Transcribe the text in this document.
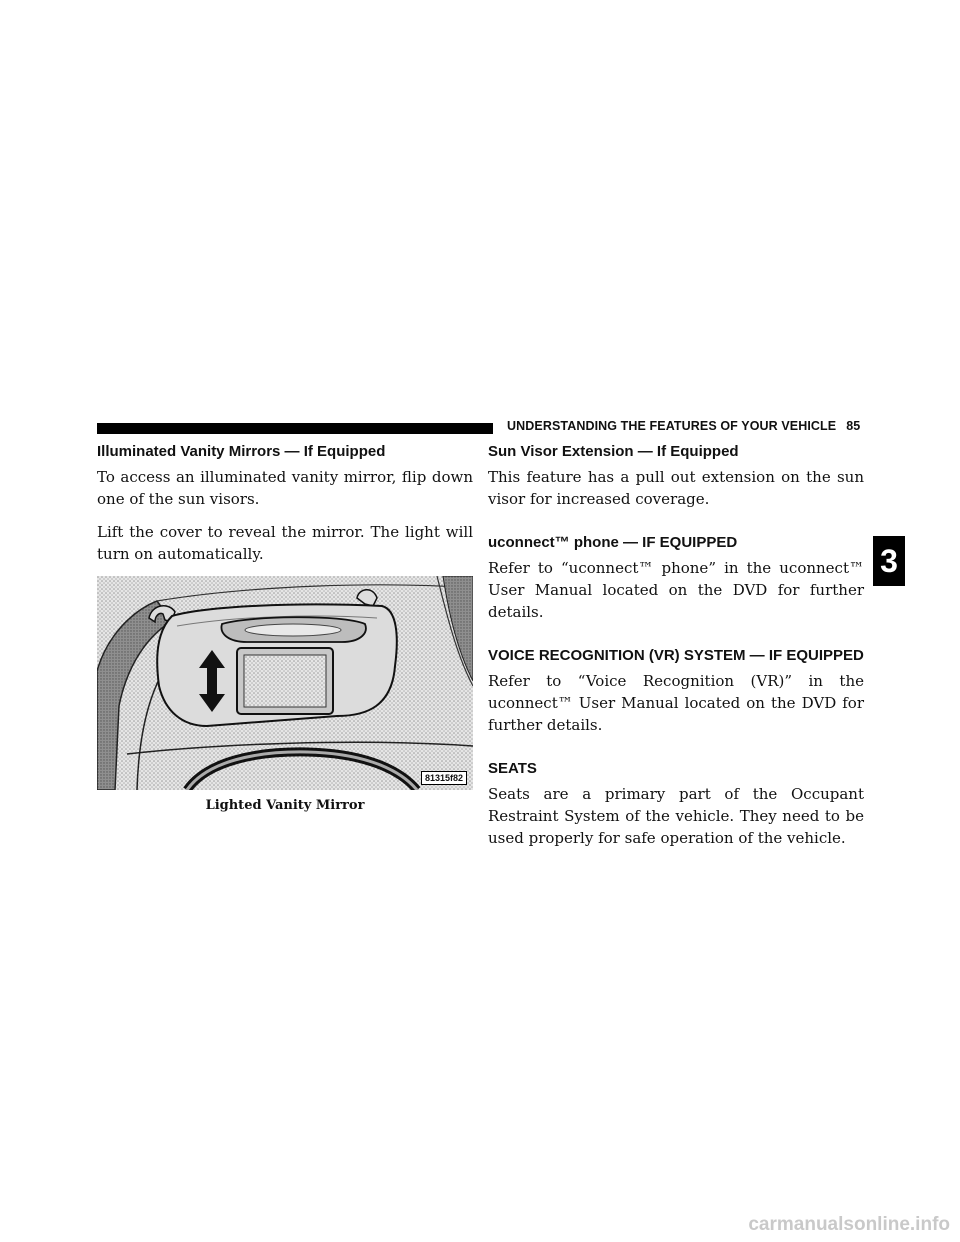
UNDERSTANDING THE FEATURES OF YOUR VEHICLE 85
3
Illuminated Vanity Mirrors — If Equipped

To access an illuminated vanity mirror, flip down one of the sun visors.

Lift the cover to reveal the mirror. The light will turn on automatically.

81315f82
Lighted Vanity Mirror
Sun Visor Extension — If Equipped

This feature has a pull out extension on the sun visor for increased coverage.

uconnect™ phone — IF EQUIPPED

Refer to “uconnect™ phone” in the uconnect™ User Manual located on the DVD for further details.

VOICE RECOGNITION (VR) SYSTEM — IF EQUIPPED

Refer to “Voice Recognition (VR)” in the uconnect™ User Manual located on the DVD for further details.

SEATS

Seats are a primary part of the Occupant Restraint System of the vehicle. They need to be used properly for safe operation of the vehicle.

carmanualsonline.info
